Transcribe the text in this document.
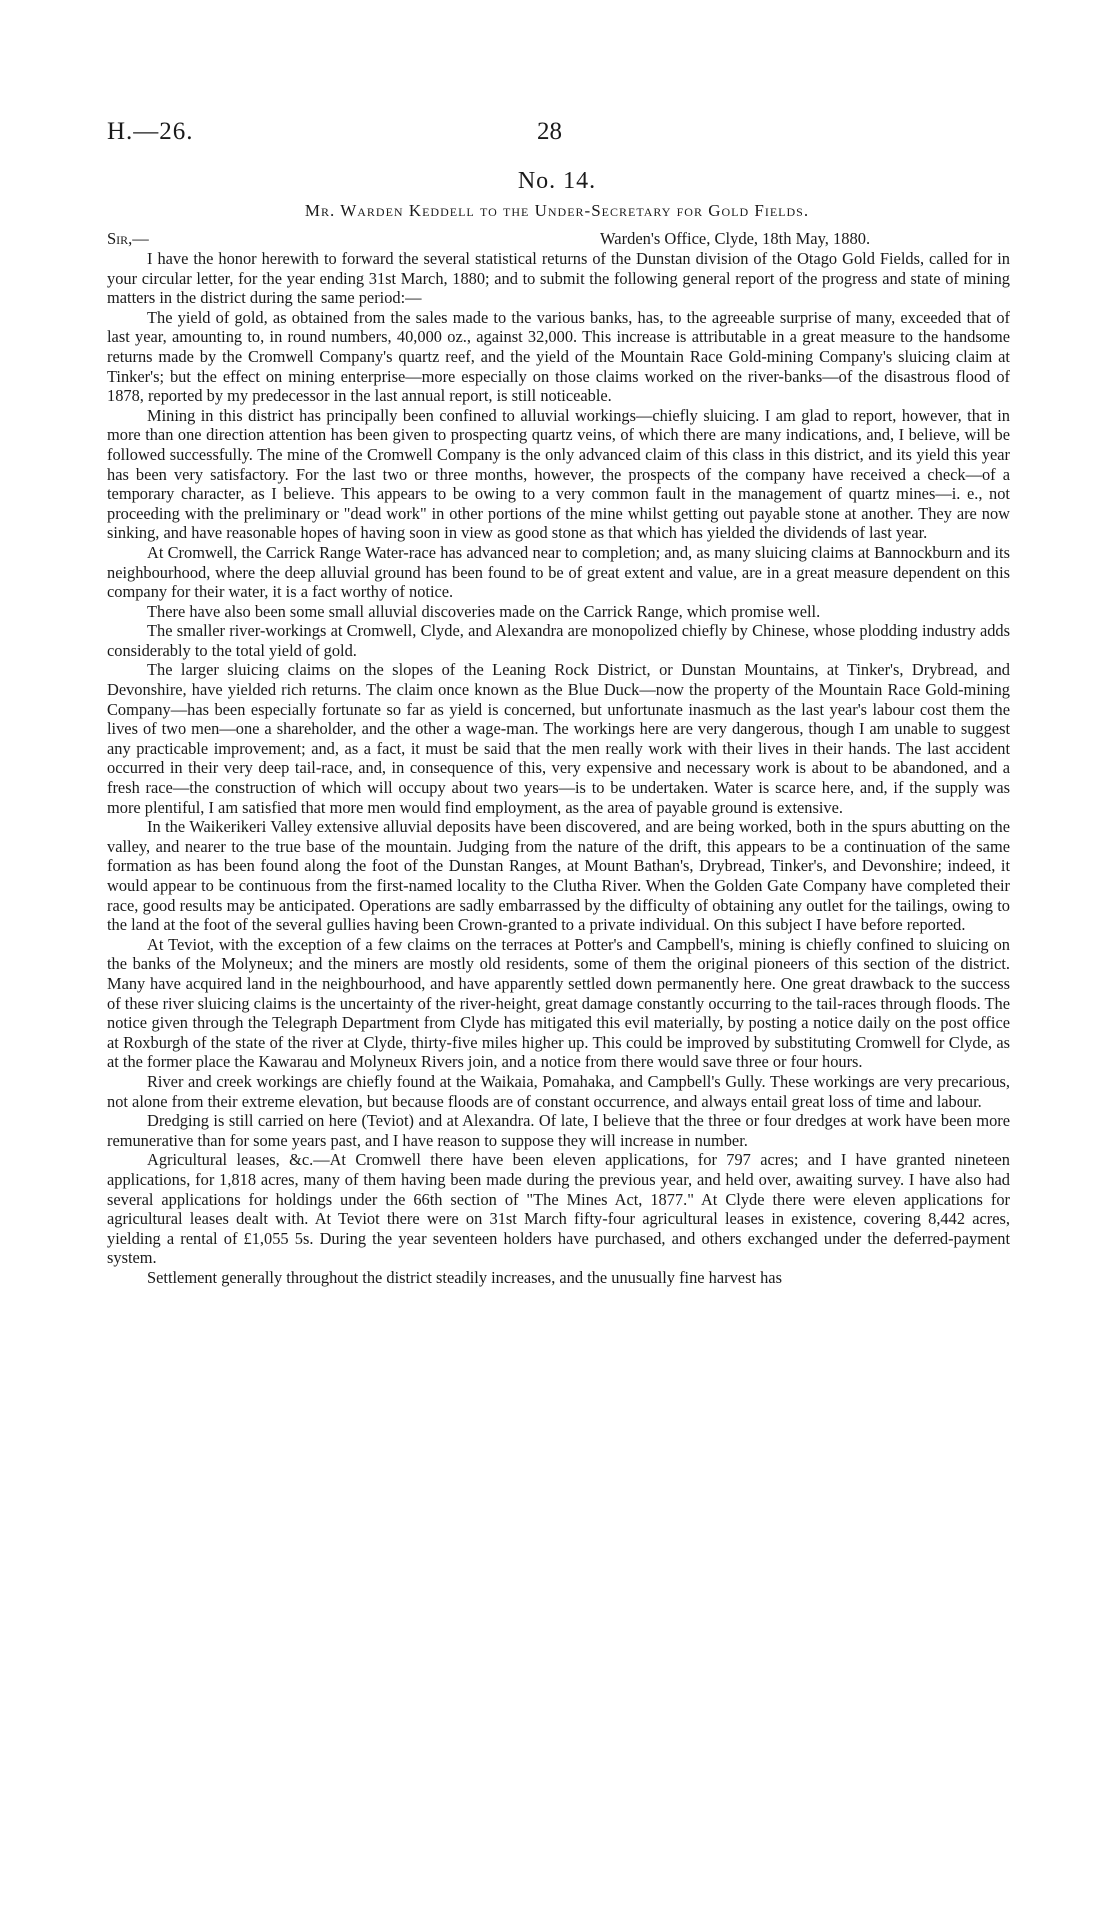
H.—26.	28
No. 14.
Mr. Warden Keddell to the Under-Secretary for Gold Fields.
Sir,—	Warden's Office, Clyde, 18th May, 1880.

I have the honor herewith to forward the several statistical returns of the Dunstan division of the Otago Gold Fields, called for in your circular letter, for the year ending 31st March, 1880; and to submit the following general report of the progress and state of mining matters in the district during the same period:—

The yield of gold, as obtained from the sales made to the various banks, has, to the agreeable surprise of many, exceeded that of last year, amounting to, in round numbers, 40,000 oz., against 32,000. This increase is attributable in a great measure to the handsome returns made by the Cromwell Company's quartz reef, and the yield of the Mountain Race Gold-mining Company's sluicing claim at Tinker's; but the effect on mining enterprise—more especially on those claims worked on the river-banks—of the disastrous flood of 1878, reported by my predecessor in the last annual report, is still noticeable.

Mining in this district has principally been confined to alluvial workings—chiefly sluicing. I am glad to report, however, that in more than one direction attention has been given to prospecting quartz veins, of which there are many indications, and, I believe, will be followed successfully. The mine of the Cromwell Company is the only advanced claim of this class in this district, and its yield this year has been very satisfactory. For the last two or three months, however, the prospects of the company have received a check—of a temporary character, as I believe. This appears to be owing to a very common fault in the management of quartz mines—i. e., not proceeding with the preliminary or "dead work" in other portions of the mine whilst getting out payable stone at another. They are now sinking, and have reasonable hopes of having soon in view as good stone as that which has yielded the dividends of last year.

At Cromwell, the Carrick Range Water-race has advanced near to completion; and, as many sluicing claims at Bannockburn and its neighbourhood, where the deep alluvial ground has been found to be of great extent and value, are in a great measure dependent on this company for their water, it is a fact worthy of notice.

There have also been some small alluvial discoveries made on the Carrick Range, which promise well.

The smaller river-workings at Cromwell, Clyde, and Alexandra are monopolized chiefly by Chinese, whose plodding industry adds considerably to the total yield of gold.

The larger sluicing claims on the slopes of the Leaning Rock District, or Dunstan Mountains, at Tinker's, Drybread, and Devonshire, have yielded rich returns. The claim once known as the Blue Duck—now the property of the Mountain Race Gold-mining Company—has been especially fortunate so far as yield is concerned, but unfortunate inasmuch as the last year's labour cost them the lives of two men—one a shareholder, and the other a wage-man. The workings here are very dangerous, though I am unable to suggest any practicable improvement; and, as a fact, it must be said that the men really work with their lives in their hands. The last accident occurred in their very deep tail-race, and, in consequence of this, very expensive and necessary work is about to be abandoned, and a fresh race—the construction of which will occupy about two years—is to be undertaken. Water is scarce here, and, if the supply was more plentiful, I am satisfied that more men would find employment, as the area of payable ground is extensive.

In the Waikerikeri Valley extensive alluvial deposits have been discovered, and are being worked, both in the spurs abutting on the valley, and nearer to the true base of the mountain. Judging from the nature of the drift, this appears to be a continuation of the same formation as has been found along the foot of the Dunstan Ranges, at Mount Bathan's, Drybread, Tinker's, and Devonshire; indeed, it would appear to be continuous from the first-named locality to the Clutha River. When the Golden Gate Company have completed their race, good results may be anticipated. Operations are sadly embarrassed by the difficulty of obtaining any outlet for the tailings, owing to the land at the foot of the several gullies having been Crown-granted to a private individual. On this subject I have before reported.

At Teviot, with the exception of a few claims on the terraces at Potter's and Campbell's, mining is chiefly confined to sluicing on the banks of the Molyneux; and the miners are mostly old residents, some of them the original pioneers of this section of the district. Many have acquired land in the neighbourhood, and have apparently settled down permanently here. One great drawback to the success of these river sluicing claims is the uncertainty of the river-height, great damage constantly occurring to the tail-races through floods. The notice given through the Telegraph Department from Clyde has mitigated this evil materially, by posting a notice daily on the post office at Roxburgh of the state of the river at Clyde, thirty-five miles higher up. This could be improved by substituting Cromwell for Clyde, as at the former place the Kawarau and Molyneux Rivers join, and a notice from there would save three or four hours.

River and creek workings are chiefly found at the Waikaia, Pomahaka, and Campbell's Gully. These workings are very precarious, not alone from their extreme elevation, but because floods are of constant occurrence, and always entail great loss of time and labour.

Dredging is still carried on here (Teviot) and at Alexandra. Of late, I believe that the three or four dredges at work have been more remunerative than for some years past, and I have reason to suppose they will increase in number.

Agricultural leases, &c.—At Cromwell there have been eleven applications, for 797 acres; and I have granted nineteen applications, for 1,818 acres, many of them having been made during the previous year, and held over, awaiting survey. I have also had several applications for holdings under the 66th section of "The Mines Act, 1877." At Clyde there were eleven applications for agricultural leases dealt with. At Teviot there were on 31st March fifty-four agricultural leases in existence, covering 8,442 acres, yielding a rental of £1,055 5s. During the year seventeen holders have purchased, and others exchanged under the deferred-payment system.

Settlement generally throughout the district steadily increases, and the unusually fine harvest has
